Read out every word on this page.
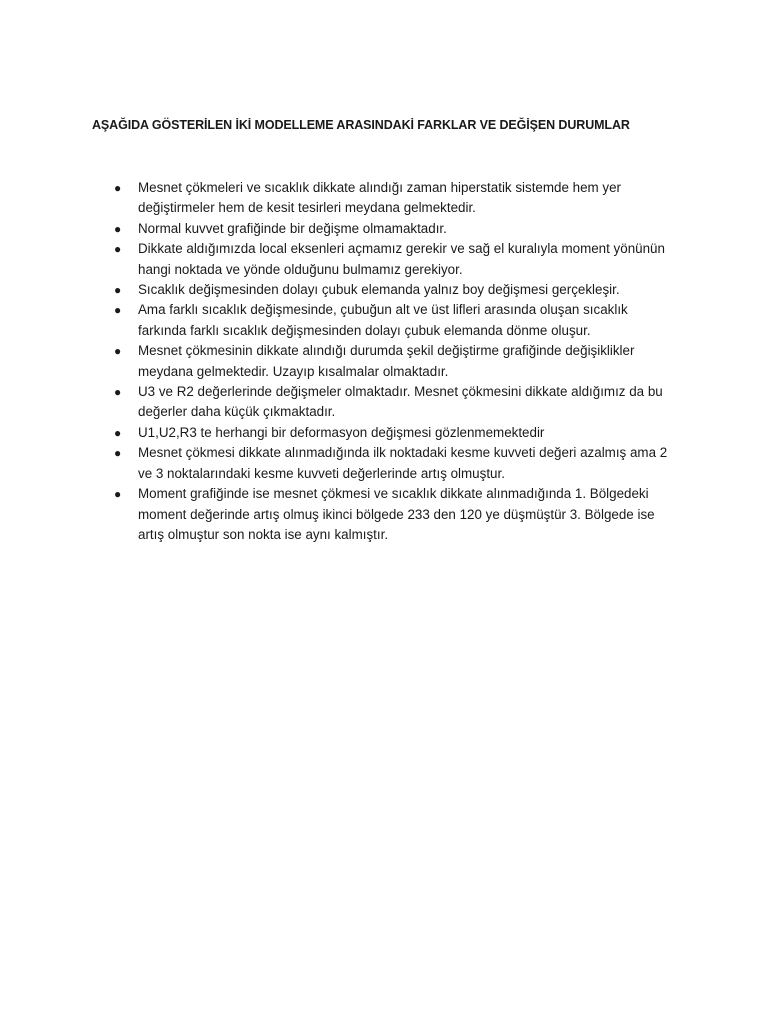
AŞAĞIDA GÖSTERİLEN İKİ MODELLEME ARASINDAKİ FARKLAR VE DEĞİŞEN DURUMLAR
● Mesnet çökmeleri ve sıcaklık dikkate alındığı zaman hiperstatik sistemde hem yer değiştirmeler hem de kesit tesirleri meydana gelmektedir.
● Normal kuvvet grafiğinde bir değişme olmamaktadır.
● Dikkate aldığımızda local eksenleri açmamız gerekir ve sağ el kuralıyla moment yönünün hangi noktada ve yönde olduğunu bulmamız gerekiyor.
● Sıcaklık değişmesinden dolayı çubuk elemanda yalnız boy değişmesi gerçekleşir.
● Ama farklı sıcaklık değişmesinde, çubuğun alt ve üst lifleri arasında oluşan sıcaklık farkında farklı sıcaklık değişmesinden dolayı çubuk elemanda dönme oluşur.
● Mesnet çökmesinin dikkate alındığı durumda şekil değiştirme grafiğinde değişiklikler meydana gelmektedir. Uzayıp kısalmalar olmaktadır.
● U3 ve R2 değerlerinde değişmeler olmaktadır. Mesnet çökmesini dikkate aldığımız da bu değerler daha küçük çıkmaktadır.
● U1,U2,R3 te herhangi bir deformasyon değişmesi gözlenmemektedir
● Mesnet çökmesi dikkate alınmadığında ilk noktadaki kesme kuvveti değeri azalmış ama 2 ve 3 noktalarındaki kesme kuvveti değerlerinde artış olmuştur.
● Moment grafiğinde ise mesnet çökmesi ve sıcaklık dikkate alınmadığında 1. Bölgedeki moment değerinde artış olmuş ikinci bölgede 233 den 120 ye düşmüştür 3. Bölgede ise artış olmuştur son nokta ise aynı kalmıştır.
